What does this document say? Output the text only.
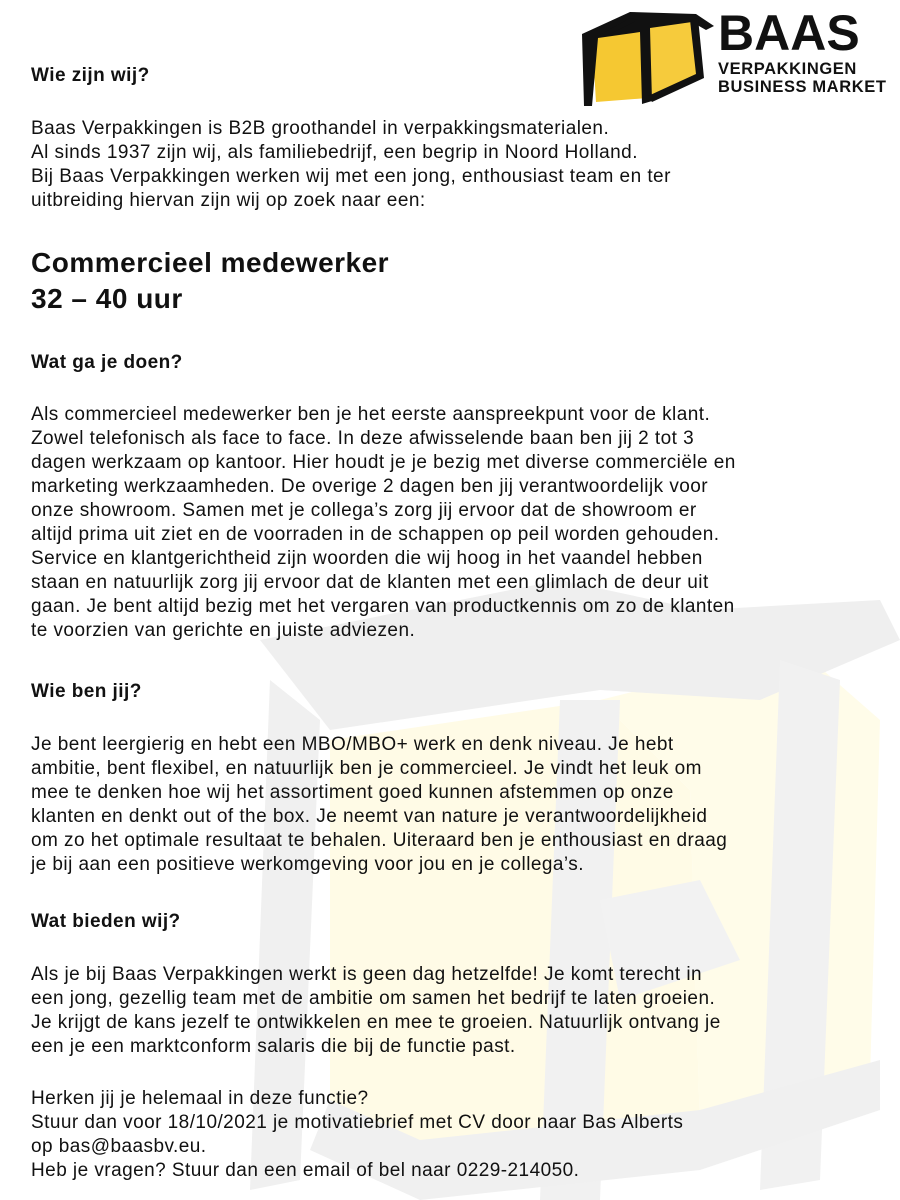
BAAS
VERPAKKINGEN
BUSINESS MARKET

Wie zijn wij?

Baas Verpakkingen is B2B groothandel in verpakkingsmaterialen.

Al sinds 1937 zijn wij, als familiebedrijf, een begrip in Noord Holland.

Bij Baas Verpakkingen werken wij met een jong, enthousiast team en ter

uitbreiding hiervan zijn wij op zoek naar een:

Commercieel medewerker

32 – 40 uur

Wat ga je doen?

Als commercieel medewerker ben je het eerste aanspreekpunt voor de klant.

Zowel telefonisch als face to face. In deze afwisselende baan ben jij 2 tot 3

dagen werkzaam op kantoor. Hier houdt je je bezig met diverse commerciële en

marketing werkzaamheden. De overige 2 dagen ben jij verantwoordelijk voor

onze showroom. Samen met je collega’s zorg jij ervoor dat de showroom er

altijd prima uit ziet en de voorraden in de schappen op peil worden gehouden.

Service en klantgerichtheid zijn woorden die wij hoog in het vaandel hebben

staan en natuurlijk zorg jij ervoor dat de klanten met een glimlach de deur uit

gaan. Je bent altijd bezig met het vergaren van productkennis om zo de klanten

te voorzien van gerichte en juiste adviezen.

Wie ben jij?

Je bent leergierig en hebt een MBO/MBO+ werk en denk niveau. Je hebt

ambitie, bent flexibel, en natuurlijk ben je commercieel. Je vindt het leuk om

mee te denken hoe wij het assortiment goed kunnen afstemmen op onze

klanten en denkt out of the box. Je neemt van nature je verantwoordelijkheid

om zo het optimale resultaat te behalen. Uiteraard ben je enthousiast en draag

je bij aan een positieve werkomgeving voor jou en je collega’s.

Wat bieden wij?

Als je bij Baas Verpakkingen werkt is geen dag hetzelfde! Je komt terecht in

een jong, gezellig team met de ambitie om samen het bedrijf te laten groeien.

Je krijgt de kans jezelf te ontwikkelen en mee te groeien. Natuurlijk ontvang je

een je een marktconform salaris die bij de functie past.

Herken jij je helemaal in deze functie?

Stuur dan voor 18/10/2021 je motivatiebrief met CV door naar Bas Alberts

op bas@baasbv.eu.

Heb je vragen? Stuur dan een email of bel naar 0229-214050.
